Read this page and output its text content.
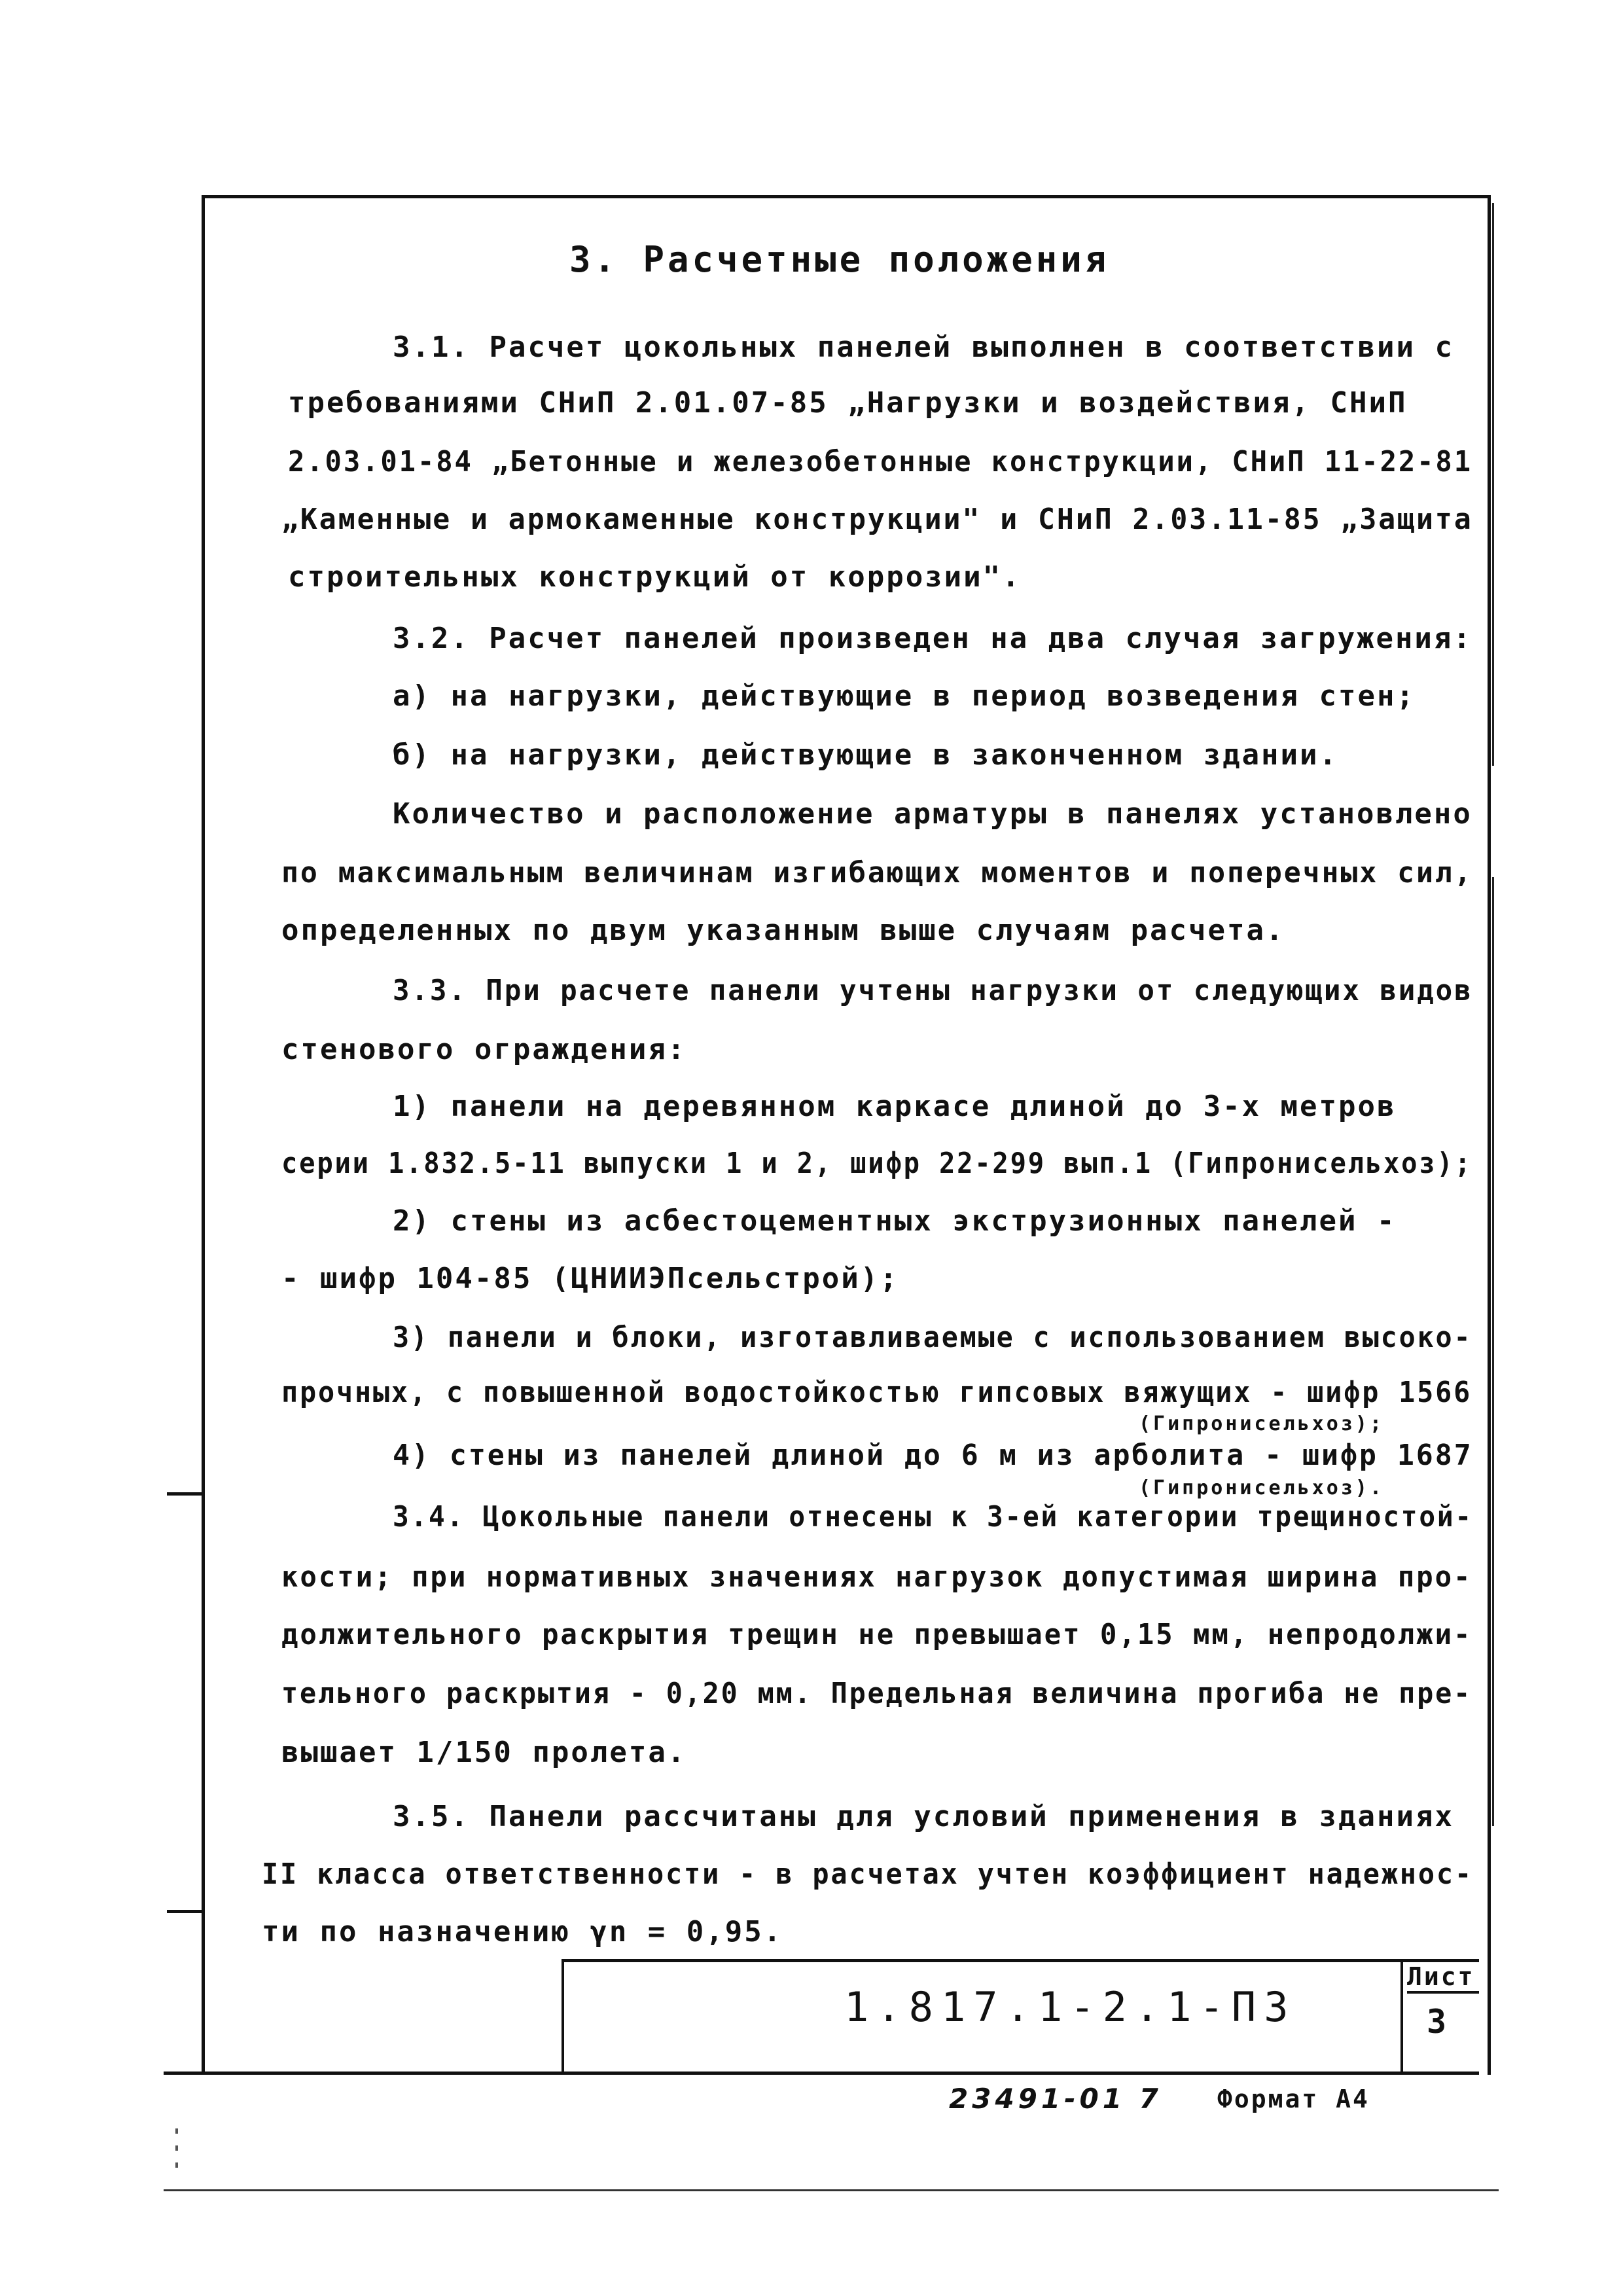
3. Расчетные положения
3.1. Расчет цокольных панелей выполнен в соответствии с
требованиями СНиП 2.01.07-85 „Нагрузки и воздействия, СНиП
2.03.01-84 „Бетонные и железобетонные конструкции, СНиП 11-22-81
„Каменные и армокаменные конструкции" и СНиП 2.03.11-85 „Защита
строительных конструкций от коррозии".
3.2. Расчет панелей произведен на два случая загружения:
а) на нагрузки, действующие в период возведения стен;
б) на нагрузки, действующие в законченном здании.
Количество и расположение арматуры в панелях установлено
по максимальным величинам изгибающих моментов и поперечных сил,
определенных по двум указанным выше случаям расчета.
3.3. При расчете панели учтены нагрузки от следующих видов
стенового ограждения:
1) панели на деревянном каркасе длиной до 3-х метров
серии 1.832.5-11 выпуски 1 и 2, шифр 22-299 вып.1 (Гипронисельхоз);
2) стены из асбестоцементных экструзионных панелей -
- шифр 104-85 (ЦНИИЭПсельстрой);
3) панели и блоки, изготавливаемые с использованием высоко-
прочных, с повышенной водостойкостью гипсовых вяжущих - шифр 1566
(Гипронисельхоз);
4) стены из панелей длиной до 6 м из арболита - шифр 1687
(Гипронисельхоз).
3.4. Цокольные панели отнесены к 3-ей категории трещиностой-
кости; при нормативных значениях нагрузок допустимая ширина про-
должительного раскрытия трещин не превышает 0,15 мм, непродолжи-
тельного раскрытия - 0,20 мм. Предельная величина прогиба не пре-
вышает 1/150 пролета.
3.5. Панели рассчитаны для условий применения в зданиях
II класса ответственности - в расчетах учтен коэффициент надежнос-
ти по назначению γn = 0,95.
1.817.1-2.1-ПЗ
Лист
3
23491-01 7 Формат А4
